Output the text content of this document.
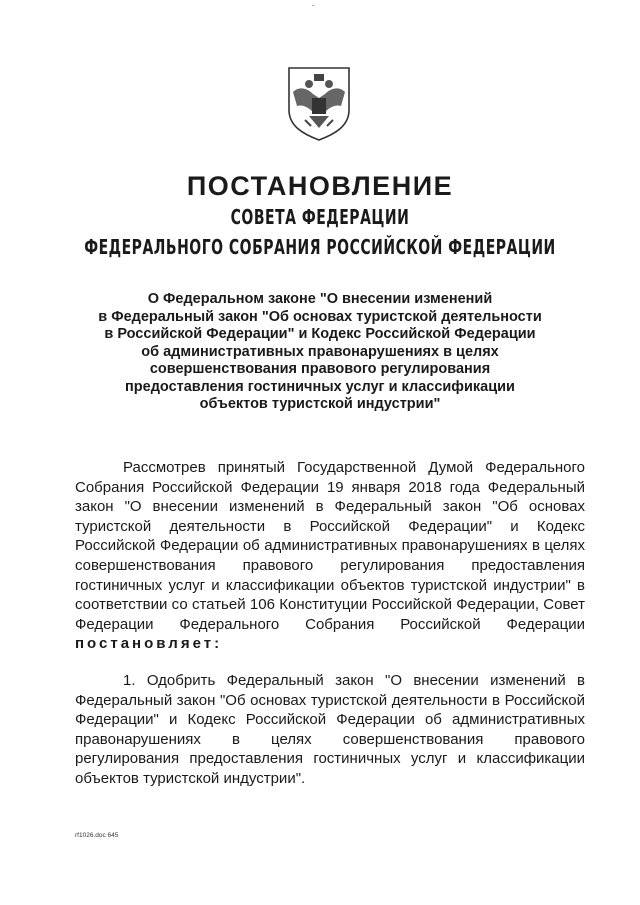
ˇ
ПОСТАНОВЛЕНИЕ
СОВЕТА ФЕДЕРАЦИИ
ФЕДЕРАЛЬНОГО СОБРАНИЯ РОССИЙСКОЙ ФЕДЕРАЦИИ
О Федеральном законе "О внесении изменений
в Федеральный закон "Об основах туристской деятельности
в Российской Федерации" и Кодекс Российской Федерации
об административных правонарушениях в целях
совершенствования правового регулирования
предоставления гостиничных услуг и классификации
объектов туристской индустрии"

Рассмотрев принятый Государственной Думой Федерального Собрания Российской Федерации 19 января 2018 года Федеральный закон "О внесении изменений в Федеральный закон "Об основах туристской деятельности в Российской Федерации" и Кодекс Российской Федерации об административных правонарушениях в целях совершенствования правового регулирования предоставления гостиничных услуг и классификации объектов туристской индустрии" в соответствии со статьей 106 Конституции Российской Федерации, Совет Федерации Федерального Собрания Российской Федерации постановляет:

1. Одобрить Федеральный закон "О внесении изменений в Федеральный закон "Об основах туристской деятельности в Российской Федерации" и Кодекс Российской Федерации об административных правонарушениях в целях совершенствования правового регулирования предоставления гостиничных услуг и классификации объектов туристской индустрии".

rf1026.doc 645
